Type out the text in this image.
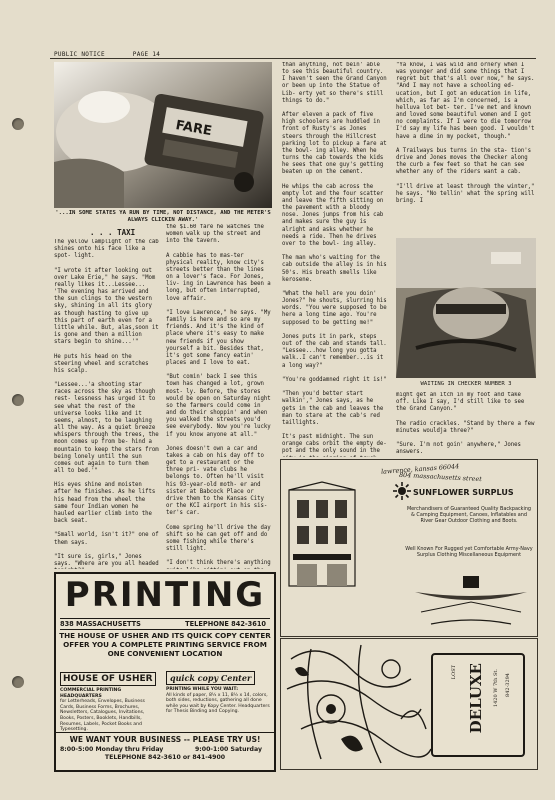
PUBLIC NOTICE	PAGE 14
FARE
'...IN SOME STATES YA RUN BY TIME, NOT DISTANCE, AND THE METER'S ALWAYS CLICKIN AWAY.'
. . . TAXI
The yellow lamplight of the cab shines onto his face like a spot- light.

"I wrote it after looking out over Lake Erie," he says. "Mom really likes it...Lessee... 'The evening has arrived and the sun clings to the western sky, shining in all its glory as though hasting to give up this part of earth even for a little while. But, alas,soon it is gone and then a million stars begin to shine...'"

He puts his head on the steering wheel and scratches his scalp.

"Lessee...'a shooting star races across the sky as though rest- lessness has urged it to see what the rest of the universe looks like and it seems, almost, to be laughing all the way. As a quiet breeze whispers through the trees, the moon comes up from be- hind a mountain to keep the stars from being lonely until the sun comes out again to turn them all to bed.'"

His eyes shine and moisten after he finishes. As he lifts his head from the wheel the same four Indian women he hauled earlier climb into the back seat.

"Small world, isn't it?" one of them says.

"It sure is, girls," Jones says. "Where are you all headed

the $1.60 fare he watches the women walk up the street and into the tavern.

A cabbie has to mas-ter physical reality, know city's streets better than the lines on a lover's face. For Jones, liv- ing in Lawrence has been a long, but often interrupted, love affair.

"I love Lawrence," he says. "My family is here and so are my friends. And it's the kind of place where it's easy to make new friends if you show yourself a bit. Besides that, it's got some fancy eatin' places and I love to eat.

"But comin' back I see this town has changed a lot, grown most- ly. Before, the stores would be open on Saturday night so the farmers could come in and do their shoppin' and when you walked the streets you'd see everybody. Now you're lucky if you know anyone at all."

Jones doesn't own a car and takes a cab on his day off to get to a restaurant or the three pri- vate clubs he belongs to. Often he'll visit his 93-year-old moth- er and sister at Babcock Place or drive them to the Kansas City or the KCI airport in his sis- ter's car.

Come spring he'll drive the day shift so he can get off and do some fishing while there's still light.

"I don't think there's anything

than anything, not bein' able to see this beautiful country. I haven't seen the Grand Canyon or been up into the Statue of Lib- erty yet so there's still things to do."

After eleven a pack of five high schoolers are huddled in front of Rusty's as Jones steers through the Hillcrest parking lot to pickup a fare at the bowl- ing alley. When he turns the cab towards the kids he sees that one guy's getting beaten up on the cement.

He whips the cab across the empty lot and the four scatter and leave the fifth sitting on the pavement with a bloody nose. Jones jumps from his cab and makes sure the guy is alright and asks whether he needs a ride. Then he drives over to the bowl- ing alley.

The man who's waiting for the cab outside the alley is in his 50's. His breath smells like kerosene.

"What the hell are you doin' Jones?" he shouts, slurring his words. "You were supposed to be here a long time ago. You're supposed to be getting me!"

Jones puts it in park, steps out of the cab and stands tall. "Lessee...how long you gotta walk..I can't remember...is it a long way?"

"You're goddamned right it is!"

"Then you'd better start walkin'," Jones says, as he gets in the cab and leaves the man to stare at the cab's red taillights.

It's past midnight. The sun orange cabs orbit the empty de- pot and the only sound in the

"Ya know, I was wild and ornery when I was younger and did some things that I regret but that's all over now," he says. "And I may not have a schooling ed- ucation, but I got an education in life, which, as far as I'm concerned, is a helluva lot bet- ter. I've met and known and loved some beautiful women and I got no complaints. If I were to die tomorrow I'd say my life has been good. I wouldn't have a dime in my pocket, though."

A Trailways bus turns in the sta- tion's drive and Jones moves the Checker along the curb a few feet so that he can see whether any of the riders want a cab.

"I'll drive at least through the winter," he says. "No tellin' what the spring will bring. I
WAITING IN CHECKER NUMBER 3
might get an itch in my foot and take off. Like I say, I'd still like to see the Grand Canyon."

The radio crackles. "Stand by there a few minutes wouldja three?"

"Sure. I'm not goin' anywhere," Jones answers.
PRINTING
838 MASSACHUSETTS	TELEPHONE 842-3610
THE HOUSE OF USHER AND ITS QUICK COPY CENTER OFFER YOU A COMPLETE PRINTING SERVICE FROM ONE CONVENIENT LOCATION
HOUSE OF USHER
COMMERCIAL PRINTING HEADQUARTERS
for Letterheads, Envelopes, Business Cards, Business Forms, Brochures, Newsletters, Catalogues, Invitations, Books, Posters, Booklets, Handbills, Resumes, Labels, Pocket Books and Typesetting.
quick copy Center
PRINTING WHILE YOU WAIT:
All kinds of paper, 8½ x 11, 8½ x 14, colors, both sides, reductions, gathering all done while you wait by Kopy Center. Headquarters for Thesis Binding and Copying.
WE WANT YOUR BUSINESS -- PLEASE TRY US!
8:00-5:00 Monday thru Friday	9:00-1:00 Saturday
TELEPHONE 842-3610 or 841-4900
lawrence, kansas 66044
804 massachusetts street
SUNFLOWER SURPLUS
Merchandisers of Guaranteed Quality Backpacking & Camping Equipment, Canoes, Inflatables and River Gear Outdoor Clothing and Boots.
Well Known For Rugged yet Comfortable Army-Navy Surplus Clothing Miscellaneous Equipment
DELUXE
LOST	1420 W 7th St. 842-3294
